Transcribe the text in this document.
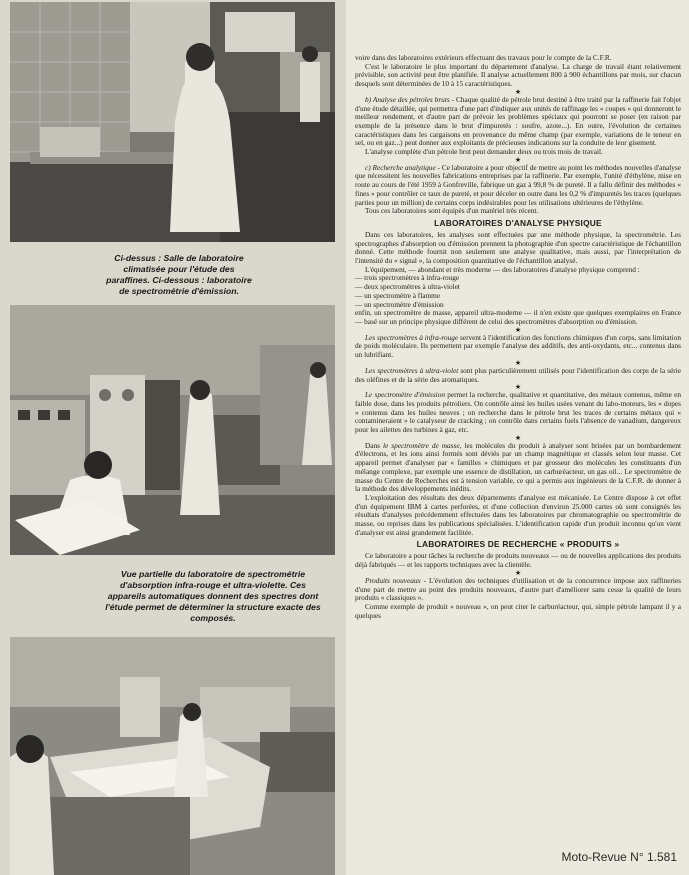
Ci-dessus : Salle de laboratoire climatisée pour l'étude des paraffines. Ci-dessous : laboratoire de spectrométrie d'émission.
Vue partielle du laboratoire de spectrométrie d'absorption infra-rouge et ultra-violette. Ces appareils automatiques donnent des spectres dont l'étude permet de déterminer la structure exacte des composés.

voire dans des laboratoires extérieurs effectuant des travaux pour le compte de la C.F.R.

C'est le laboratoire le plus important du département d'analyse. La charge de travail étant relativement prévisible, son activité peut être planifiée. Il analyse actuellement 800 à 900 échantillons par mois, sur chacun desquels sont déterminées de 10 à 15 caractéristiques.

★

b) Analyse des pétroles bruts - Chaque qualité de pétrole brut destiné à être traité par la raffinerie fait l'objet d'une étude détaillée, qui permettra d'une part d'indiquer aux unités de raffinage les « coupes » qui donneront le meilleur rendement, et d'autre part de prévoir les problèmes spéciaux qui pourront se poser (en raison par exemple de la présence dans le brut d'impuretés : soufre, azote...). En outre, l'évolution de certaines caractéristiques dans les cargaisons en provenance du même champ (par exemple, variations de le teneur en sel, ou en gaz...) peut donner aux exploitants de précieuses indications sur la conduite de leur gisement.

L'analyse complète d'un pétrole brut peut demander deux ou trois mois de travail.

★

c) Recherche analytique - Ce laboratoire a pour objectif de mettre au point les méthodes nouvelles d'analyse que nécessitent les nouvelles fabrications entreprises par la raffinerie. Par exemple, l'unité d'éthylène, mise en route au cours de l'été 1959 à Gonfreville, fabrique un gaz à 99,8 % de pureté. Il a fallu définir des méthodes « fines » pour contrôler ce taux de pureté, et pour déceler en outre dans les 0,2 % d'impuretés les traces (quelques parties pour un million) de certains corps indésirables pour les utilisations ultérieures de l'éthylène.

Tous ces laboratoires sont équipés d'un matériel très récent.

LABORATOIRES D'ANALYSE PHYSIQUE

Dans ces laboratoires, les analyses sont effectuées par une méthode physique, la spectrométrie. Les spectrographes d'absorption ou d'émission prennent la photographie d'un spectre caractéristique de l'échantillon donné. Cette méthode fournit non seulement une analyse qualitative, mais aussi, par l'interprétation de l'intensité du « signal », la composition quantitative de l'échantillon analysé.

L'équipement, — abondant et très moderne — des laboratoires d'analyse physique comprend :

— trois spectromètres à infra-rouge

— deux spectromètres à ultra-violet

— un spectromètre à flamme

— un spectromètre d'émission

enfin, un spectromètre de masse, appareil ultra-moderne — il n'en existe que quelques exemplaires en France — basé sur un principe physique différent de celui des spectromètres d'absorption ou d'émission.

★

Les spectromètres à infra-rouge servent à l'identification des fonctions chimiques d'un corps, sans limitation de poids moléculaire. Ils permettent par exemple l'analyse des additifs, des anti-oxydants, etc... contenus dans un lubrifiant.

★

Les spectromètres à ultra-violet sont plus particulièrement utilisés pour l'identification des corps de la série des oléfines et de la série des aromatiques.

★

Le spectromètre d'émission permet la recherche, qualitative et quantitative, des métaux contenus, même en faible dose, dans les produits pétroliers. On contrôle ainsi les huiles usées venant du labo-moteurs, les « dopes » contenus dans les huiles neuves ; on recherche dans le pétrole brut les traces de certains métaux qui « contamineraient » le catalyseur de cracking ; on contrôle dans certains fuels l'absence de vanadium, dangereux pour les ailettes des turbines à gaz, etc.

★

Dans le spectromètre de masse, les molécules du produit à analyser sont brisées par un bombardement d'électrons, et les ions ainsi formés sont déviés par un champ magnétique et classés selon leur masse. Cet appareil permet d'analyser par « familles » chimiques et par grosseur des molécules les constituants d'un mélange complexe, par exemple une essence de distillation, un carburéacteur, un gas oil... Le spectromètre de masse du Centre de Recherches est à tension variable, ce qui a permis aux ingénieurs de la C.F.R. de donner à la méthode des développements inédits.

L'exploitation des résultats des deux départements d'analyse est mécanisée. Le Centre dispose à cet effet d'un équipement IBM à cartes perforées, et d'une collection d'environ 25.000 cartes où sont consignés les résultats d'analyses précédemment effectuées dans les laboratoires par chromatographie ou spectrométrie de masse, ou reprises dans les publications spécialisées. L'identification rapide d'un produit inconnu qu'on vient d'analyser est ainsi grandement facilitée.

LABORATOIRES DE RECHERCHE « PRODUITS »

Ce laboratoire a pour tâches la recherche de produits nouveaux — ou de nouvelles applications des produits déjà fabriqués — et les rapports techniques avec la clientèle.

★

Produits nouveaux - L'évolution des techniques d'utilisation et de la concurrence impose aux raffineries d'une part de mettre au point des produits nouveaux, d'autre part d'améliorer sans cesse la qualité de leurs produits « classiques ».

Comme exemple de produit « nouveau », on peut citer le carburéacteur, qui, simple pétrole lampant il y a quelques

Moto-Revue N° 1.581
